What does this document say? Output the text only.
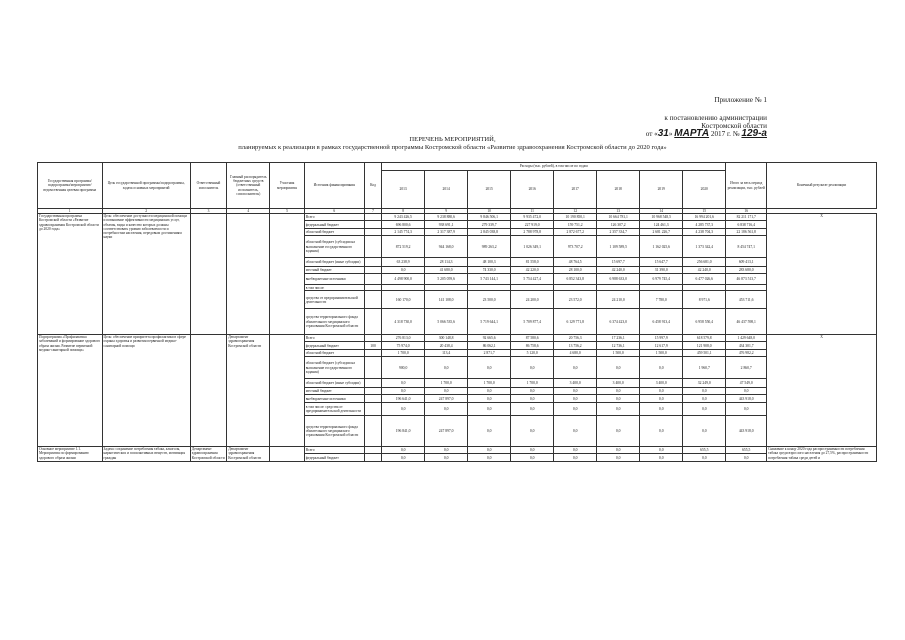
Приложение № 1
к постановлению администрации
Костромской области
от «31» МАРТА 2017 г. № 129-а
ПЕРЕЧЕНЬ МЕРОПРИЯТИЙ,
планируемых к реализации в рамках государственной программы Костромской области «Развитие здравоохранения Костромской области до 2020 года»
Государственная программа/подпрограмма/мероприятие/ведомственная целевая программа	Цель государственной программы/подпрограммы, задача основных мероприятий	Ответственный исполнитель	Главный распорядитель бюджетных средств (ответственный исполнитель, соисполнитель)	Участник мероприятия	Источник финансирования	Код	Расходы (тыс. рублей), в том числе по годам								Итого за весь период реализации, тыс. рублей	Конечный результат реализации
							2013	2014	2015	2016	2017	2018	2019	2020		
1	2	3	4	5	6	7	8	9	10	11	12	13	14	15	16	
Государственная программа Костромской области «Развитие здравоохранения Костромской области до 2020 года»	Цель: обеспечение доступности медицинской помощи и повышение эффективности медицинских услуг, объемы, виды и качество которых должны соответствовать уровню заболеваемости и потребностям населения, передовым достижениям науки				Всего		9 243 426,5	9 238 880,6	9 846 506,1	9 935 472,0	10 190 850,1	10 664 781,1	10 968 548,5	16 994 201,6	82 211 171,7	Х
					федеральный бюджет		696 800,6	938 691,1	279 339,7	227 919,0	159 751,2	126 307,2	124 461,3	4 285 737,3	6 838 716,4	
					областной бюджет		2 145 774,3	2 317 387,9	2 845 038,8	2 788 978,8	2 872 677,2	2 357 334,7	2 681 226,7	4 238 704,3	22 186 561,8	
					областной бюджет (субсидии на выполнение государственного задания)		872 519,2	944 168,0	989 263,2	1 026 349,1	973 707,2	1 109 589,5	1 162 025,6	1 373 342,4	8 454 747,1	
					областной бюджет (иные субсидии)		63 238,9	28 114,3	48 100,3	81 558,0	48 764,5	15 697,7	15 647,7	256 681,0	609 413,1	
					местный бюджет		0,0	41 680,0	74 330,0	42 220,0	28 100,0	42 240,0	31 390,0	42 240,0	283 680,0	
					внебюджетные источники		4 498 900,0	5 205 059,6	5 743 144,1	5 754 427,4	6 852 343,8	6 988 633,0	6 979 745,4	6 477 026,6	46 873 513,7	
					в том числе:											
					средства от предпринимательской деятельности		160 170,0	141 108,0	23 500,0	24 200,0	23 572,0	24 210,0	7 780,0	8 971,6	453 711,6	
					средства территориального фонда обязательного медицинского страхования Костромской области		4 318 730,0	5 066 535,6	5 719 644,1	5 709 877,4	6 129 771,8	6 374 423,0	6 458 913,4	6 958 550,4	46 437 598,1	
Подпрограмма «Профилактика заболеваний и формирование здорового образа жизни. Развитие первичной медико-санитарной помощи»	Цель: обеспечение приоритета профилактики в сфере охраны здоровья и развития первичной медико-санитарной помощи		Департамент здравоохранения Костромской области		Всего		276 813,0	300 148,8	92 665,6	87 580,6	20 756,3	17 236,1	15 997,9	618 579,8	1 429 648,0	Х
					федеральный бюджет	100	75 974,0	20 438,4	86 062,1	86 758,6	13 756,2	12 736,1	12 617,9	121 908,0	434 301,7	
					областной бюджет		1 700,0	113,4	2 871,7	5 120,0	4 680,0	1 500,0	1 500,0	459 501,1	476 982,2	
					областной бюджет (субсидии на выполнение государственного задания)		900,0	0,0	0,0	0,0	0,0	0,0	0,0	1 960,7	2 860,7	
					областной бюджет (иные субсидии)		0,0	1 700,0	1 700,0	1 700,0	3 400,0	3 400,0	3 400,0	32 249,0	47 549,0	
					местный бюджет		0,0	0,0	0,0	0,0	0,0	0,0	0,0	0,0	0,0	
					внебюджетные источники		196 641,0	247 897,0	0,0	0,0	0,0	0,0	0,0	0,0	443 918,0	
					в том числе: средства от предпринимательской деятельности		0,0	0,0	0,0	0,0	0,0	0,0	0,0	0,0	0,0	
					средства территориального фонда обязательного медицинского страхования Костромской области		196 841,0	247 897,0	0,0	0,0	0,0	0,0	0,0	0,0	443 918,0	
Основное мероприятие 1.1. Мероприятия по формированию здорового образа жизни	Задача: сохранение потребления табака, алкоголя, наркотических и психоактивных веществ, мотивация граждан	Департамент здравоохранения Костромской области	Департамент здравоохранения Костромской области		Всего		0,0	0,0	0,0	0,0	0,0	0,0	0,0	655,5	655,5	Снижение к концу 2020 года распространенности потребления табака среди взрослого населения до 27,5%, распространенности потребления табака среди детей и
					федеральный бюджет		0,0	0,0	0,0	0,0	0,0	0,0	0,0	0,0	0,0	
